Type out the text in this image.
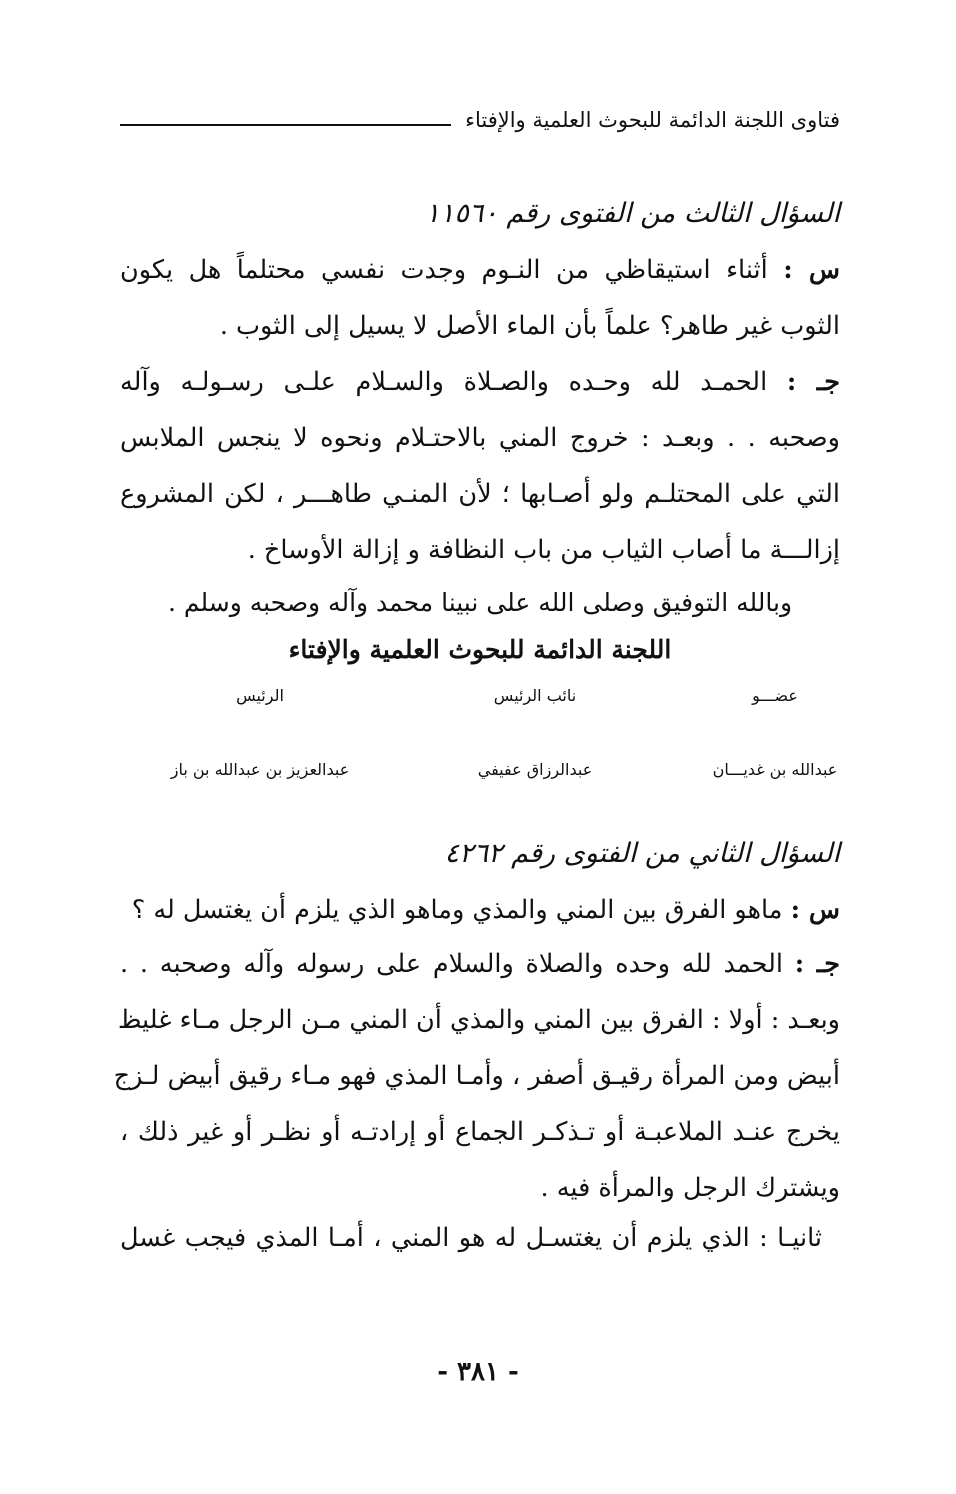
فتاوى اللجنة الدائمة للبحوث العلمية والإفتاء
السؤال الثالث من الفتوى رقم ١١٥٦٠
س : أثناء استيقاظي من النـوم وجدت نفسي محتلماً هل يكون
الثوب غير طاهر؟ علماً بأن الماء الأصل لا يسيل إلى الثوب .
جـ : الحمـد لله وحـده والصـلاة والسـلام علـى رسـولـه وآله
وصحبه . . وبعـد : خروج المني بالاحتـلام ونحوه لا ينجس الملابس
التي على المحتلـم ولو أصـابها ؛ لأن المنـي طاهـــر ، لكن المشروع
إزالـــة ما أصاب الثياب من باب النظافة و إزالة الأوساخ .
وبالله التوفيق وصلى الله على نبينا محمد وآله وصحبه وسلم .
اللجنة الدائمة للبحوث العلمية والإفتاء
عضـــو
نائب الرئيس
الرئيس
عبدالله بن غديـــان
عبدالرزاق عفيفي
عبدالعزيز بن عبدالله بن باز
السؤال الثاني من الفتوى رقم ٤٢٦٢
س : ماهو الفرق بين المني والمذي وماهو الذي يلزم أن يغتسل له ؟
جـ : الحمد لله وحده والصلاة والسلام على رسوله وآله وصحبه . .
وبعـد : أولا : الفرق بين المني والمذي أن المني مـن الرجل مـاء غليظ
أبيض ومن المرأة رقيـق أصفر ، وأمـا المذي فهو مـاء رقيق أبيض لـزج
يخرج عنـد الملاعبـة أو تـذكـر الجماع أو إرادتـه أو نظـر أو غير ذلك ،
ويشترك الرجل والمرأة فيه .
ثانيـا : الذي يلزم أن يغتسـل له هو المني ، أمـا المذي فيجب غسل
- ٣٨١ -
